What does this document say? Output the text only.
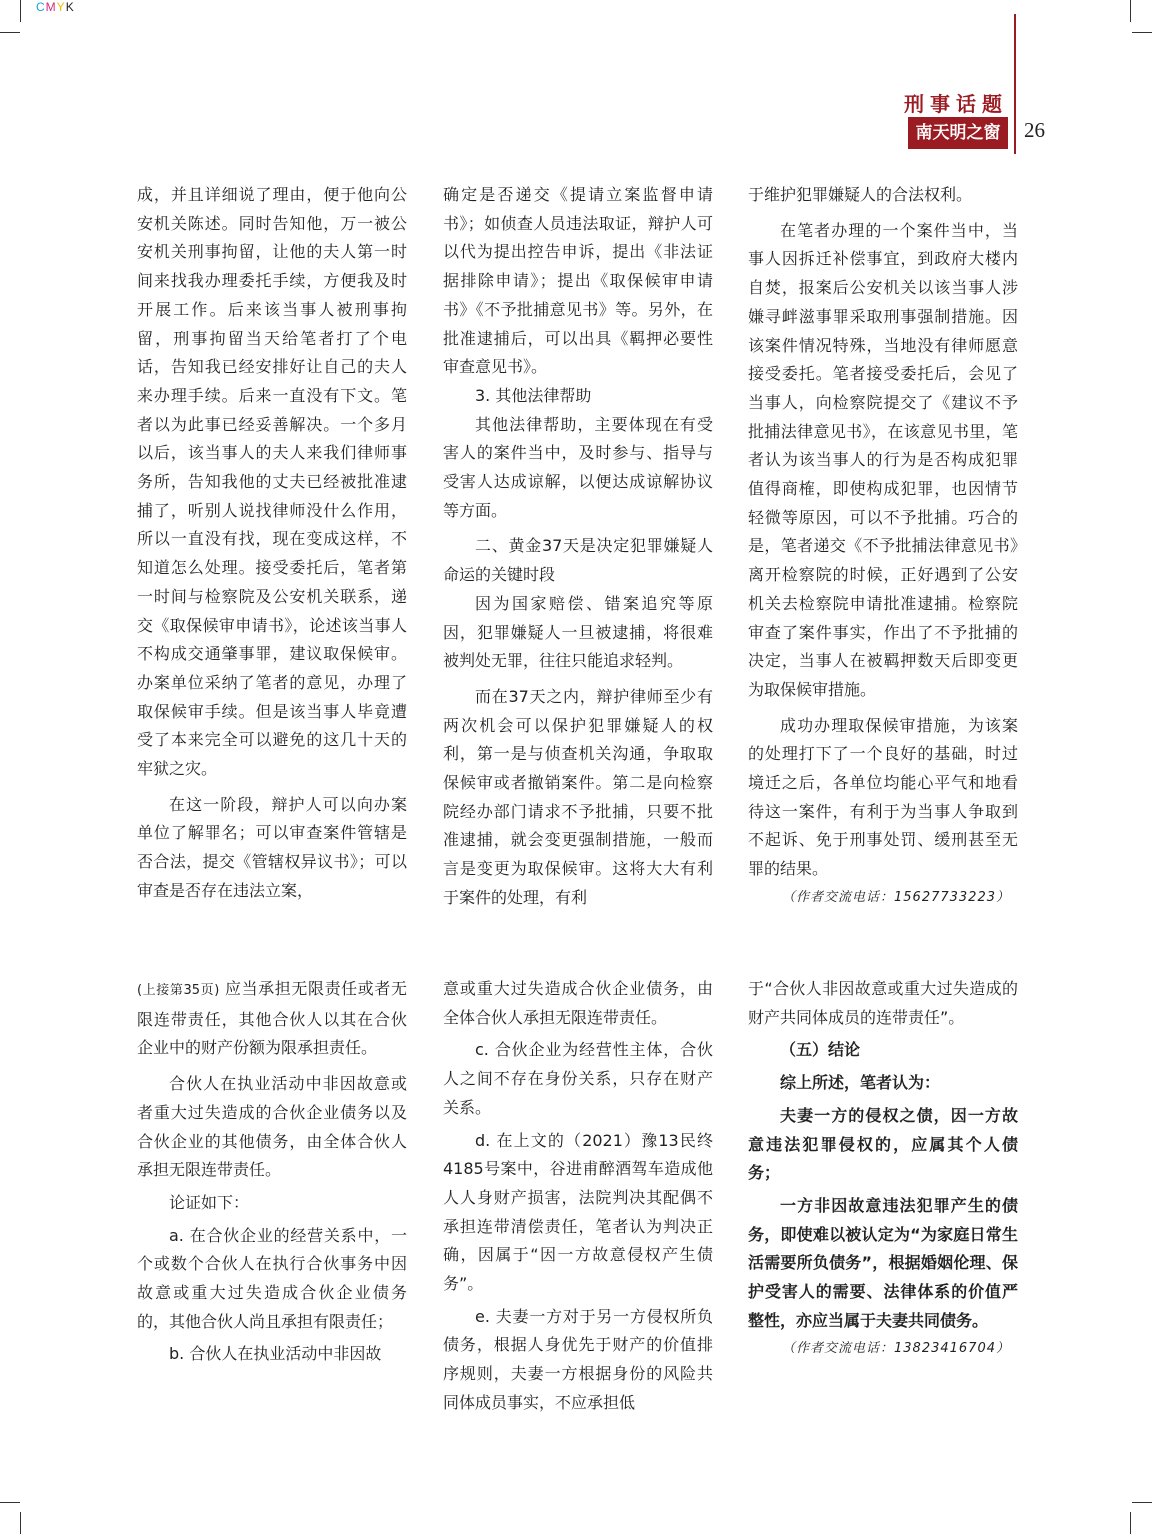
CMYK
刑事话题
南天明之窗	26

成，并且详细说了理由，便于他向公安机关陈述。同时告知他，万一被公安机关刑事拘留，让他的夫人第一时间来找我办理委托手续，方便我及时开展工作。后来该当事人被刑事拘留，刑事拘留当天给笔者打了个电话，告知我已经安排好让自己的夫人来办理手续。后来一直没有下文。笔者以为此事已经妥善解决。一个多月以后，该当事人的夫人来我们律师事务所，告知我他的丈夫已经被批准逮捕了，听别人说找律师没什么作用，所以一直没有找，现在变成这样，不知道怎么处理。接受委托后，笔者第一时间与检察院及公安机关联系，递交《取保候审申请书》，论述该当事人不构成交通肇事罪，建议取保候审。办案单位采纳了笔者的意见，办理了取保候审手续。但是该当事人毕竟遭受了本来完全可以避免的这几十天的牢狱之灾。

在这一阶段，辩护人可以向办案单位了解罪名；可以审查案件管辖是否合法，提交《管辖权异议书》；可以审查是否存在违法立案，

确定是否递交《提请立案监督申请书》；如侦查人员违法取证，辩护人可以代为提出控告申诉，提出《非法证据排除申请》；提出《取保候审申请书》《不予批捕意见书》等。另外，在批准逮捕后，可以出具《羁押必要性审查意见书》。

3. 其他法律帮助

其他法律帮助，主要体现在有受害人的案件当中，及时参与、指导与受害人达成谅解，以便达成谅解协议等方面。

二、黄金37天是决定犯罪嫌疑人命运的关键时段

因为国家赔偿、错案追究等原因，犯罪嫌疑人一旦被逮捕，将很难被判处无罪，往往只能追求轻判。

而在37天之内，辩护律师至少有两次机会可以保护犯罪嫌疑人的权利，第一是与侦查机关沟通，争取取保候审或者撤销案件。第二是向检察院经办部门请求不予批捕，只要不批准逮捕，就会变更强制措施，一般而言是变更为取保候审。这将大大有利于案件的处理，有利

于维护犯罪嫌疑人的合法权利。

在笔者办理的一个案件当中，当事人因拆迁补偿事宜，到政府大楼内自焚，报案后公安机关以该当事人涉嫌寻衅滋事罪采取刑事强制措施。因该案件情况特殊，当地没有律师愿意接受委托。笔者接受委托后，会见了当事人，向检察院提交了《建议不予批捕法律意见书》，在该意见书里，笔者认为该当事人的行为是否构成犯罪值得商榷，即使构成犯罪，也因情节轻微等原因，可以不予批捕。巧合的是，笔者递交《不予批捕法律意见书》离开检察院的时候，正好遇到了公安机关去检察院申请批准逮捕。检察院审查了案件事实，作出了不予批捕的决定，当事人在被羁押数天后即变更为取保候审措施。

成功办理取保候审措施，为该案的处理打下了一个良好的基础，时过境迁之后，各单位均能心平气和地看待这一案件，有利于为当事人争取到不起诉、免于刑事处罚、缓刑甚至无罪的结果。

（作者交流电话：15627733223）

(上接第35页) 应当承担无限责任或者无限连带责任，其他合伙人以其在合伙企业中的财产份额为限承担责任。

合伙人在执业活动中非因故意或者重大过失造成的合伙企业债务以及合伙企业的其他债务，由全体合伙人承担无限连带责任。

论证如下：

a. 在合伙企业的经营关系中，一个或数个合伙人在执行合伙事务中因故意或重大过失造成合伙企业债务的，其他合伙人尚且承担有限责任；

b. 合伙人在执业活动中非因故

意或重大过失造成合伙企业债务，由全体合伙人承担无限连带责任。

c. 合伙企业为经营性主体，合伙人之间不存在身份关系，只存在财产关系。

d. 在上文的（2021）豫13民终4185号案中，谷进甫醉酒驾车造成他人人身财产损害，法院判决其配偶不承担连带清偿责任，笔者认为判决正确，因属于“因一方故意侵权产生债务”。

e. 夫妻一方对于另一方侵权所负债务，根据人身优先于财产的价值排序规则，夫妻一方根据身份的风险共同体成员事实，不应承担低

于“合伙人非因故意或重大过失造成的财产共同体成员的连带责任”。

（五）结论

综上所述，笔者认为：

夫妻一方的侵权之债，因一方故意违法犯罪侵权的，应属其个人债务；

一方非因故意违法犯罪产生的债务，即使难以被认定为“为家庭日常生活需要所负债务”，根据婚姻伦理、保护受害人的需要、法律体系的价值严整性，亦应当属于夫妻共同债务。

（作者交流电话：13823416704）
